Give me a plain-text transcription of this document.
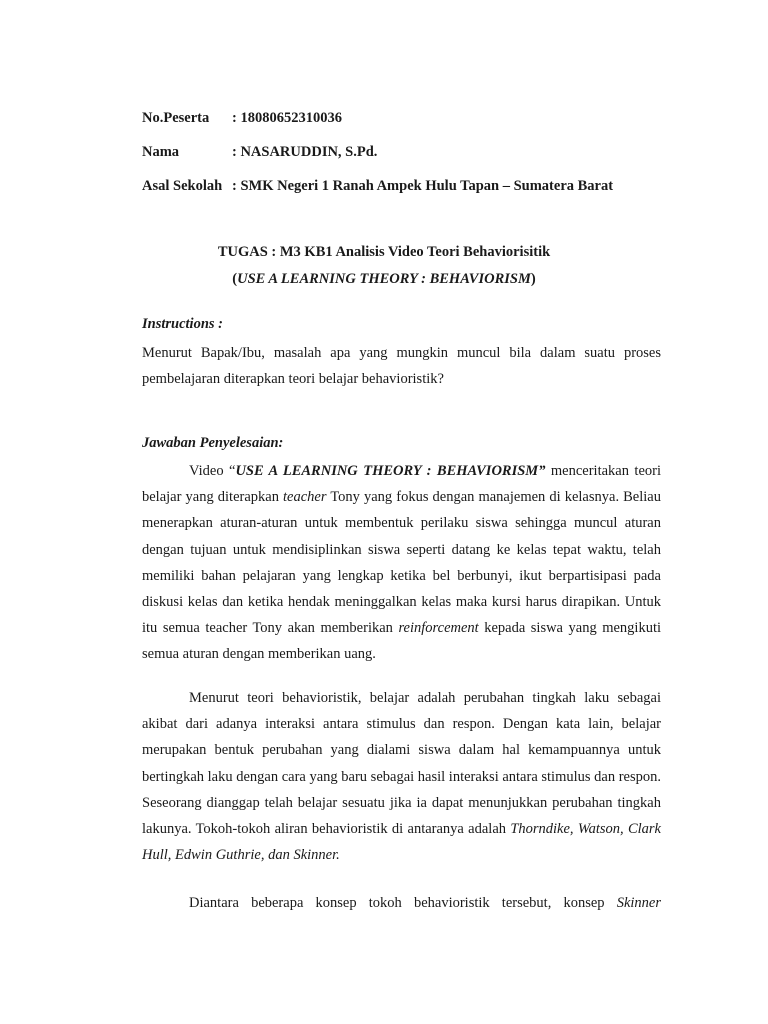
No.Peserta : 18080652310036
Nama	: NASARUDDIN, S.Pd.
Asal Sekolah : SMK Negeri 1 Ranah Ampek Hulu Tapan – Sumatera Barat
TUGAS : M3 KB1 Analisis Video Teori Behaviorisitik
(USE A LEARNING THEORY : BEHAVIORISM)
Instructions :
Menurut Bapak/Ibu, masalah apa yang mungkin muncul bila dalam suatu proses pembelajaran diterapkan teori belajar behavioristik?
Jawaban Penyelesaian:
Video “USE A LEARNING THEORY : BEHAVIORISM” menceritakan teori belajar yang diterapkan teacher Tony yang fokus dengan manajemen di kelasnya. Beliau menerapkan aturan-aturan untuk membentuk perilaku siswa sehingga muncul aturan dengan tujuan untuk mendisiplinkan siswa seperti datang ke kelas tepat waktu, telah memiliki bahan pelajaran yang lengkap ketika bel berbunyi, ikut berpartisipasi pada diskusi kelas dan ketika hendak meninggalkan kelas maka kursi harus dirapikan. Untuk itu semua teacher Tony akan memberikan reinforcement kepada siswa yang mengikuti semua aturan dengan memberikan uang.
Menurut teori behavioristik, belajar adalah perubahan tingkah laku sebagai akibat dari adanya interaksi antara stimulus dan respon. Dengan kata lain, belajar merupakan bentuk perubahan yang dialami siswa dalam hal kemampuannya untuk bertingkah laku dengan cara yang baru sebagai hasil interaksi antara stimulus dan respon. Seseorang dianggap telah belajar sesuatu jika ia dapat menunjukkan perubahan tingkah lakunya. Tokoh-tokoh aliran behavioristik di antaranya adalah Thorndike, Watson, Clark Hull, Edwin Guthrie, dan Skinner.
Diantara beberapa konsep tokoh behavioristik tersebut, konsep Skinner
